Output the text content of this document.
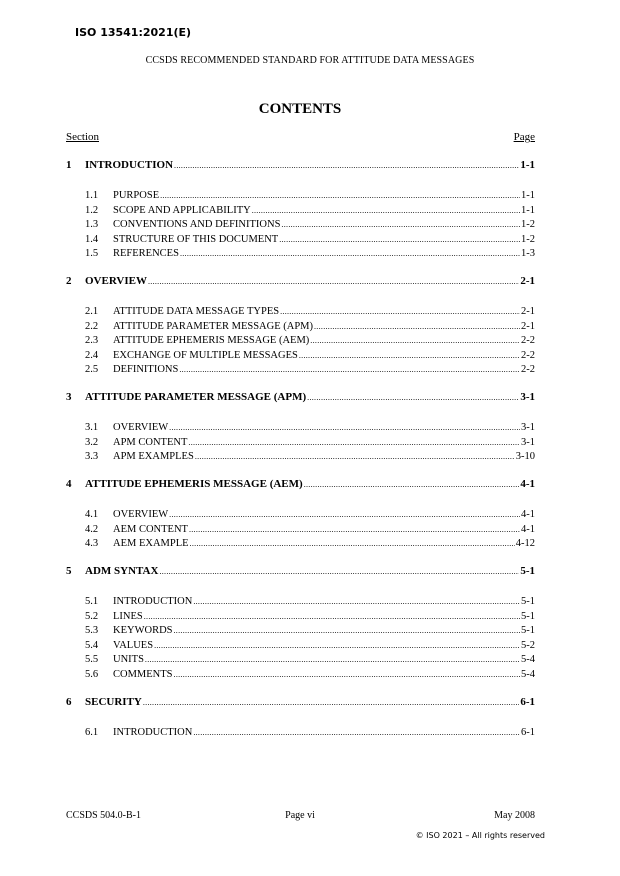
ISO 13541:2021(E)
CCSDS RECOMMENDED STANDARD FOR ATTITUDE DATA MESSAGES
CONTENTS
Section	Page
1	INTRODUCTION .....	1-1
1.1	PURPOSE .....	1-1
1.2	SCOPE AND APPLICABILITY .....	1-1
1.3	CONVENTIONS AND DEFINITIONS .....	1-2
1.4	STRUCTURE OF THIS DOCUMENT .....	1-2
1.5	REFERENCES .....	1-3
2	OVERVIEW .....	2-1
2.1	ATTITUDE DATA MESSAGE TYPES .....	2-1
2.2	ATTITUDE PARAMETER MESSAGE (APM) .....	2-1
2.3	ATTITUDE EPHEMERIS MESSAGE (AEM) .....	2-2
2.4	EXCHANGE OF MULTIPLE MESSAGES .....	2-2
2.5	DEFINITIONS .....	2-2
3	ATTITUDE PARAMETER MESSAGE (APM) .....	3-1
3.1	OVERVIEW .....	3-1
3.2	APM CONTENT .....	3-1
3.3	APM EXAMPLES .....	3-10
4	ATTITUDE EPHEMERIS MESSAGE (AEM) .....	4-1
4.1	OVERVIEW .....	4-1
4.2	AEM CONTENT .....	4-1
4.3	AEM EXAMPLE .....	4-12
5	ADM SYNTAX .....	5-1
5.1	INTRODUCTION .....	5-1
5.2	LINES .....	5-1
5.3	KEYWORDS .....	5-1
5.4	VALUES .....	5-2
5.5	UNITS .....	5-4
5.6	COMMENTS .....	5-4
6	SECURITY .....	6-1
6.1	INTRODUCTION .....	6-1
CCSDS 504.0-B-1	Page vi	May 2008
© ISO 2021 – All rights reserved
